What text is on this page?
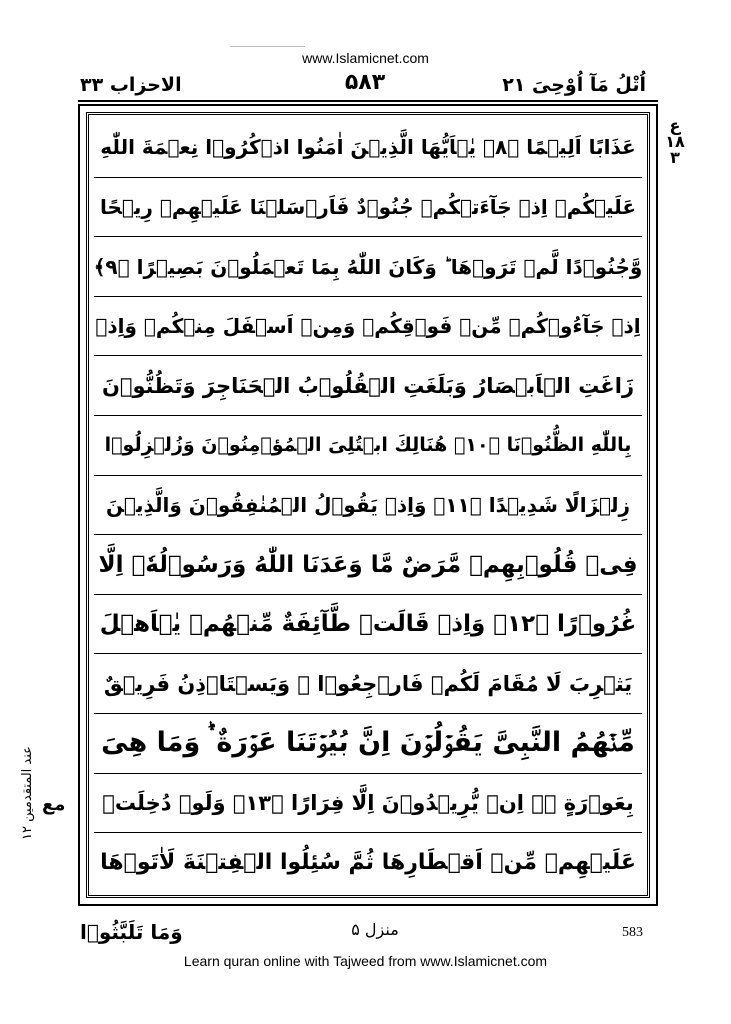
www.Islamicnet.com
الاحزاب ۳۳	۵۸۳	اُتْلُ مَآ اُوْحِیَ ۲۱
عَذَابًا اَلِیۡمًا ﴿۸﴾ یٰۤاَیُّهَا الَّذِیۡنَ اٰمَنُوا اذۡكُرُوۡا نِعۡمَةَ اللّٰهِ
عَلَیۡكُمۡ اِذۡ جَآءَتۡكُمۡ جُنُوۡدٌ فَاَرۡسَلۡنَا عَلَیۡهِمۡ رِیۡحًا
وَّجُنُوۡدًا لَّمۡ تَرَوۡهَا ؕ وَكَانَ اللّٰهُ بِمَا تَعۡمَلُوۡنَ بَصِیۡرًا ﴿۹﴾
اِذۡ جَآءُوۡكُمۡ مِّنۡ فَوۡقِكُمۡ وَمِنۡ اَسۡفَلَ مِنۡكُمۡ وَاِذۡ
زَاغَتِ الۡاَبۡصَارُ وَبَلَغَتِ الۡقُلُوۡبُ الۡحَنَاجِرَ وَتَظُنُّوۡنَ
بِاللّٰهِ الظُّنُوۡنَا ﴿۱۰﴾ هُنَالِكَ ابۡتُلِیَ الۡمُؤۡمِنُوۡنَ وَزُلۡزِلُوۡا
زِلۡزَالًا شَدِیۡدًا ﴿۱۱﴾ وَاِذۡ یَقُوۡلُ الۡمُنٰفِقُوۡنَ وَالَّذِیۡنَ
فِیۡ قُلُوۡبِهِمۡ مَّرَضٌ مَّا وَعَدَنَا اللّٰهُ وَرَسُوۡلُهٗۤ اِلَّا
غُرُوۡرًا ﴿۱۲﴾ وَاِذۡ قَالَتۡ طَّآئِفَةٌ مِّنۡهُمۡ یٰۤاَهۡلَ
یَثۡرِبَ لَا مُقَامَ لَكُمۡ فَارۡجِعُوۡا ۚ وَیَسۡتَاۡذِنُ فَرِیۡقٌ
مِّنۡهُمُ النَّبِیَّ یَقُوۡلُوۡنَ اِنَّ بُیُوۡتَنَا عَوۡرَةٌ ۛؕ وَمَا هِیَ
بِعَوۡرَةٍ ۚۛ اِنۡ یُّرِیۡدُوۡنَ اِلَّا فِرَارًا ﴿۱۳﴾ وَلَوۡ دُخِلَتۡ
عَلَیۡهِمۡ مِّنۡ اَقۡطَارِهَا ثُمَّ سُئِلُوا الۡفِتۡنَةَ لَاٰتَوۡهَا
ع ۱۸ ۳
عند المتقدمين ۱۲ مع
وَمَا تَلَبَّثُوۡا	منزل ۵	583
Learn quran online with Tajweed from www.Islamicnet.com
